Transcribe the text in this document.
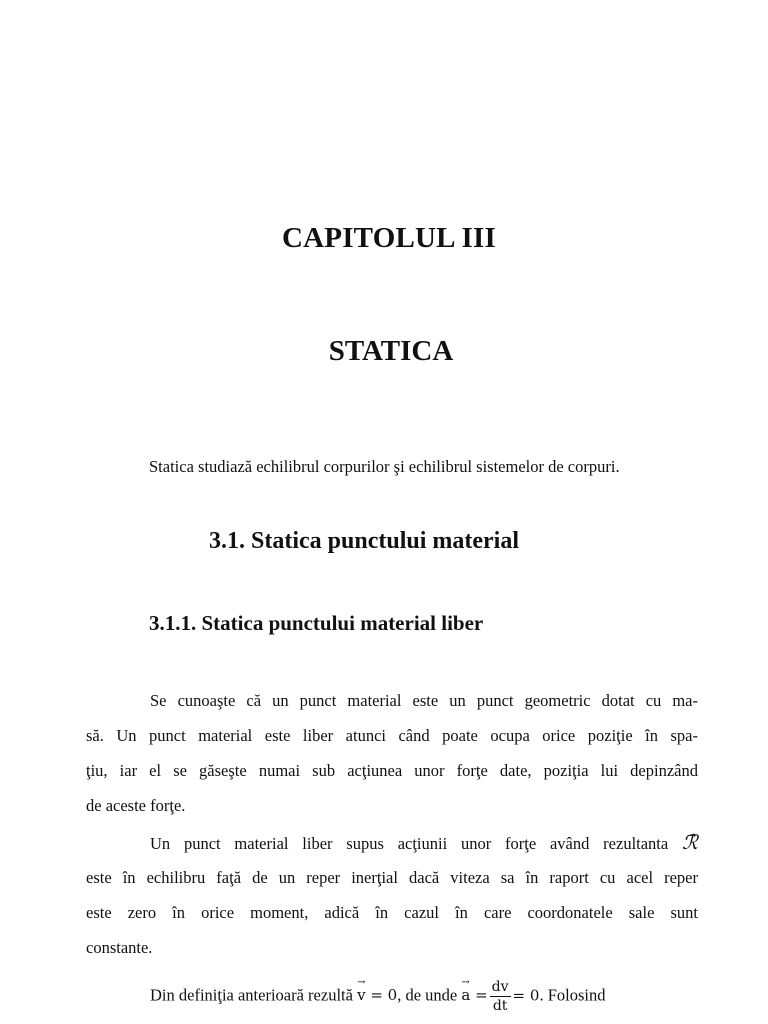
CAPITOLUL III
STATICA
Statica studiază echilibrul corpurilor şi echilibrul sistemelor de corpuri.
3.1. Statica punctului material
3.1.1. Statica punctului material liber
Se cunoaşte că un punct material este un punct geometric dotat cu ma-
să. Un punct material este liber atunci când poate ocupa orice poziţie în spa-
ţiu, iar el se găseşte numai sub acţiunea unor forţe date, poziţia lui depinzând
de aceste forţe.
Un punct material liber supus acţiunii unor forţe având rezultanta → ℛ
este în echilibru faţă de un reper inerţial dacă viteza sa în raport cu acel reper
este zero în orice moment, adică în cazul în care coordonatele sale sunt
constante.
Din definiţia anterioară rezultă → v = 0, de unde → $a = \frac{dv}{dt} = 0$. Folosind
